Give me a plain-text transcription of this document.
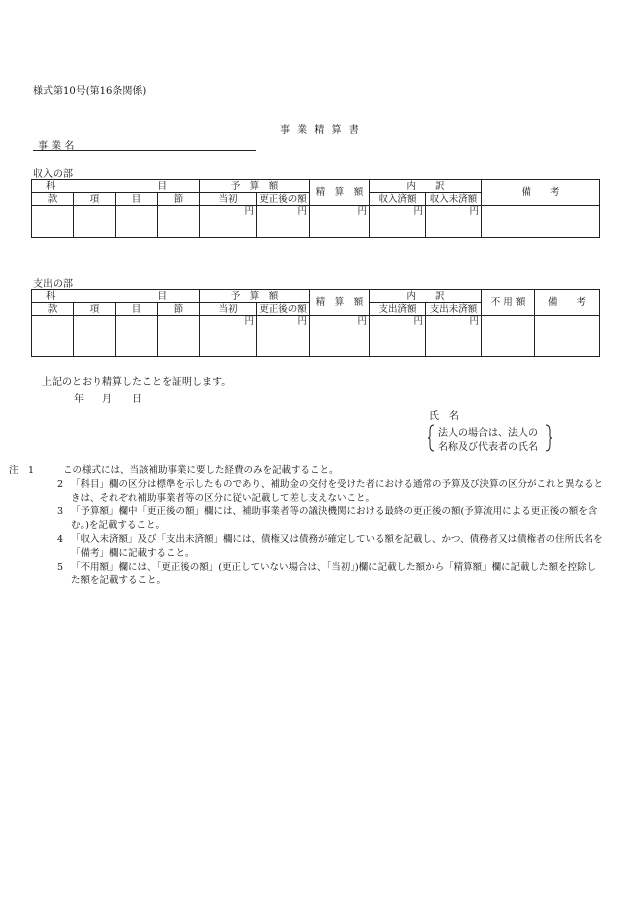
様式第10号(第16条関係)
事 業 精 算 書
事 業 名
収入の部
科 目				予　算　額		精　算　額	内　　訳		備　　考
款	項	目	節	当初	更正後の額		収入済額	収入未済額	
				円	円	円	円	円	
支出の部
科 目				予　算　額		精　算　額	内　　訳		不 用 額	備　　考
款	項	目	節	当初	更正後の額		支出済額	支出未済額		
				円	円	円	円	円		
上記のとおり精算したことを証明します。
年 月 日
氏　名
法人の場合は、法人の
名称及び代表者の氏名
注　1	この様式には、当該補助事業に要した経費のみを記載すること。
2 「科目」欄の区分は標準を示したものであり、補助金の交付を受けた者における通常の予算及び決算の区分がこれと異なるときは、それぞれ補助事業者等の区分に従い記載して差し支えないこと。
3 「予算額」欄中「更正後の額」欄には、補助事業者等の議決機関における最終の更正後の額(予算流用による更正後の額を含む。)を記載すること。
4 「収入未済額」及び「支出未済額」欄には、債権又は債務が確定している額を記載し、かつ、債務者又は債権者の住所氏名を「備考」欄に記載すること。
5 「不用額」欄には、「更正後の額」(更正していない場合は、「当初」)欄に記載した額から「精算額」欄に記載した額を控除した額を記載すること。
